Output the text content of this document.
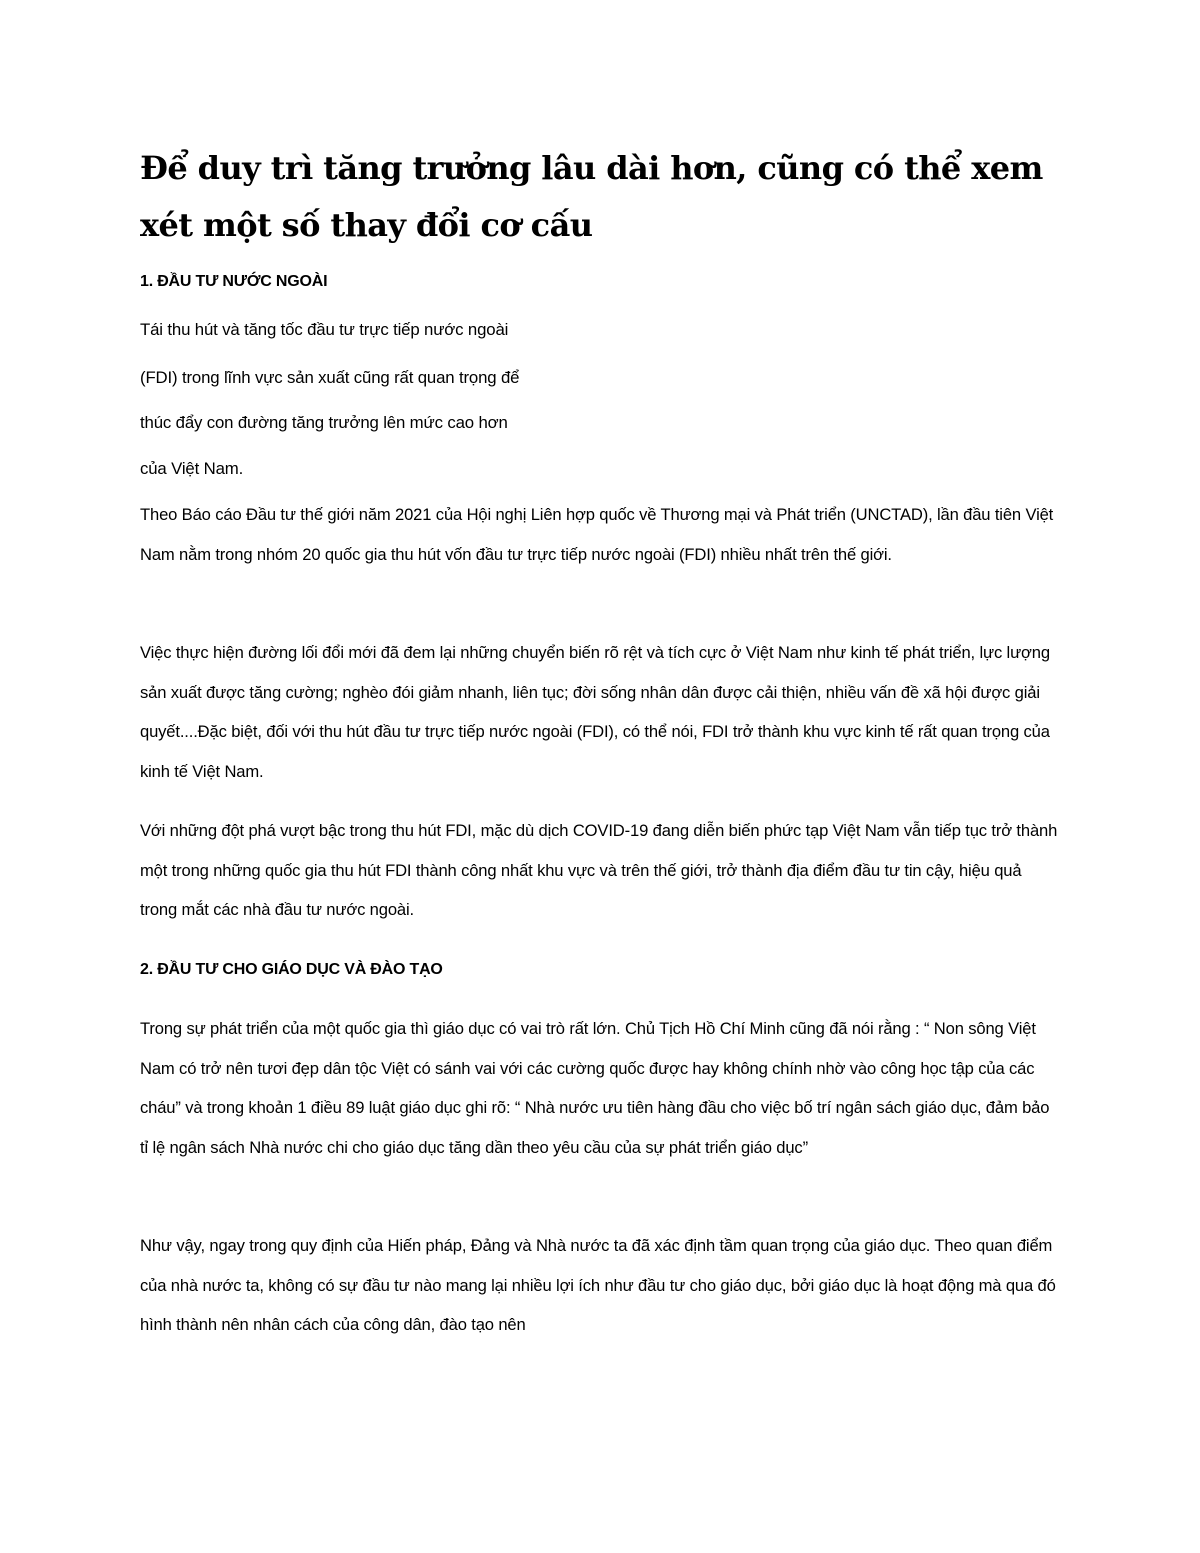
Để duy trì tăng trưởng lâu dài hơn, cũng có thể xem xét một số thay đổi cơ cấu
1. ĐẦU TƯ NƯỚC NGOÀI

Tái thu hút và tăng tốc đầu tư trực tiếp nước ngoài

(FDI) trong lĩnh vực sản xuất cũng rất quan trọng để

thúc đẩy con đường tăng trưởng lên mức cao hơn

của Việt Nam.

Theo Báo cáo Đầu tư thế giới năm 2021 của Hội nghị Liên hợp quốc về Thương mại và Phát triển (UNCTAD), lần đầu tiên Việt Nam nằm trong nhóm 20 quốc gia thu hút vốn đầu tư trực tiếp nước ngoài (FDI) nhiều nhất trên thế giới.

Việc thực hiện đường lối đổi mới đã đem lại những chuyển biến rõ rệt và tích cực ở Việt Nam như kinh tế phát triển, lực lượng sản xuất được tăng cường; nghèo đói giảm nhanh, liên tục; đời sống nhân dân được cải thiện, nhiều vấn đề xã hội được giải quyết....Đặc biệt, đối với thu hút đầu tư trực tiếp nước ngoài (FDI), có thể nói, FDI trở thành khu vực kinh tế rất quan trọng của kinh tế Việt Nam.

Với những đột phá vượt bậc trong thu hút FDI, mặc dù dịch COVID-19 đang diễn biến phức tạp Việt Nam vẫn tiếp tục trở thành một trong những quốc gia thu hút FDI thành công nhất khu vực và trên thế giới, trở thành địa điểm đầu tư tin cậy, hiệu quả trong mắt các nhà đầu tư nước ngoài.

2. ĐẦU TƯ CHO GIÁO DỤC VÀ ĐÀO TẠO

Trong sự phát triển của một quốc gia thì giáo dục có vai trò rất lớn. Chủ Tịch Hồ Chí Minh cũng đã nói rằng : “ Non sông Việt Nam có trở nên tươi đẹp dân tộc Việt có sánh vai với các cường quốc được hay không chính nhờ vào công học tập của các cháu” và trong khoản 1 điều 89 luật giáo dục ghi rõ: “ Nhà nước ưu tiên hàng đầu cho việc bố trí ngân sách giáo dục, đảm bảo tỉ lệ ngân sách Nhà nước chi cho giáo dục tăng dần theo yêu cầu của sự phát triển giáo dục”

Như vậy, ngay trong quy định của Hiến pháp, Đảng và Nhà nước ta đã xác định tầm quan trọng của giáo dục. Theo quan điểm của nhà nước ta, không có sự đầu tư nào mang lại nhiều lợi ích như đầu tư cho giáo dục, bởi giáo dục là hoạt động mà qua đó hình thành nên nhân cách của công dân, đào tạo nên
